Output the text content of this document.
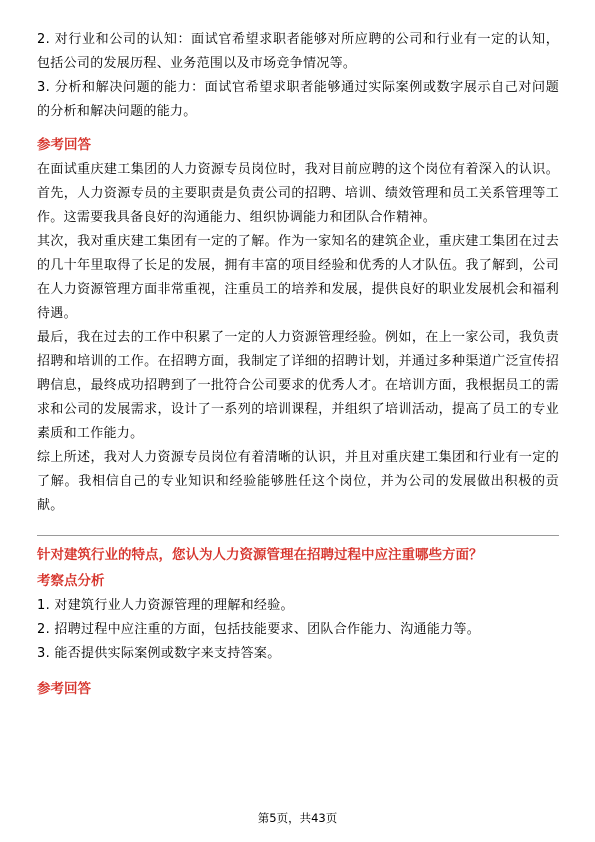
2. 对行业和公司的认知：面试官希望求职者能够对所应聘的公司和行业有一定的认知，包括公司的发展历程、业务范围以及市场竞争情况等。

3. 分析和解决问题的能力：面试官希望求职者能够通过实际案例或数字展示自己对问题的分析和解决问题的能力。

参考回答

在面试重庆建工集团的人力资源专员岗位时，我对目前应聘的这个岗位有着深入的认识。首先，人力资源专员的主要职责是负责公司的招聘、培训、绩效管理和员工关系管理等工作。这需要我具备良好的沟通能力、组织协调能力和团队合作精神。

其次，我对重庆建工集团有一定的了解。作为一家知名的建筑企业，重庆建工集团在过去的几十年里取得了长足的发展，拥有丰富的项目经验和优秀的人才队伍。我了解到，公司在人力资源管理方面非常重视，注重员工的培养和发展，提供良好的职业发展机会和福利待遇。

最后，我在过去的工作中积累了一定的人力资源管理经验。例如，在上一家公司，我负责招聘和培训的工作。在招聘方面，我制定了详细的招聘计划，并通过多种渠道广泛宣传招聘信息，最终成功招聘到了一批符合公司要求的优秀人才。在培训方面，我根据员工的需求和公司的发展需求，设计了一系列的培训课程，并组织了培训活动，提高了员工的专业素质和工作能力。

综上所述，我对人力资源专员岗位有着清晰的认识，并且对重庆建工集团和行业有一定的了解。我相信自己的专业知识和经验能够胜任这个岗位，并为公司的发展做出积极的贡献。

针对建筑行业的特点，您认为人力资源管理在招聘过程中应注重哪些方面？

考察点分析

1. 对建筑行业人力资源管理的理解和经验。

2. 招聘过程中应注重的方面，包括技能要求、团队合作能力、沟通能力等。

3. 能否提供实际案例或数字来支持答案。

参考回答

第5页，共43页
